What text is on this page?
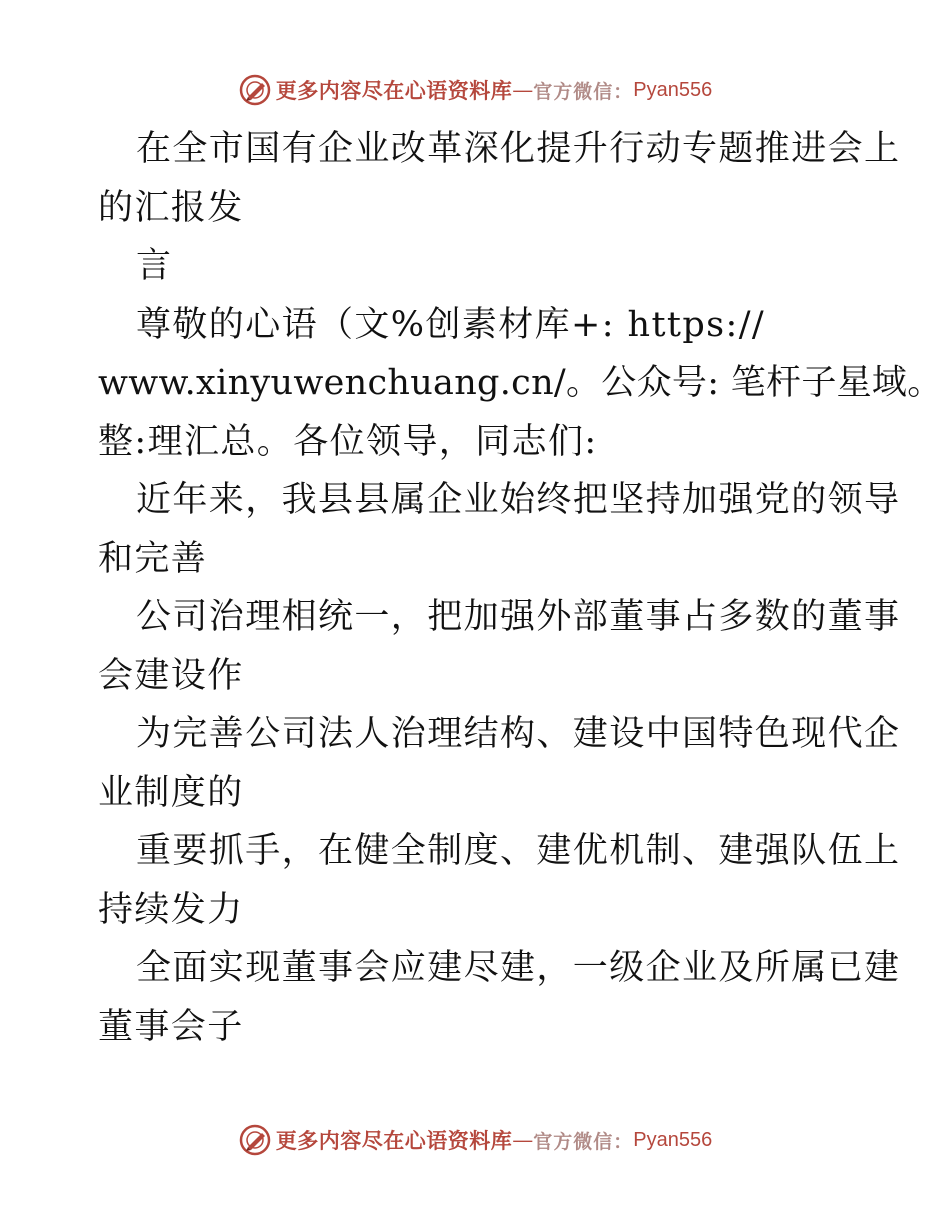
更多内容尽在心语资料库 — 官方微信： Pyan556
在全市国有企业改革深化提升行动专题推进会上
的汇报发
言
尊敬的心语（文%创素材库+: https://
www.xinyuwenchuang.cn/。公众号: 笔杆子星域。
整:理汇总。各位领导，同志们:
近年来，我县县属企业始终把坚持加强党的领导
和完善
公司治理相统一，把加强外部董事占多数的董事
会建设作
为完善公司法人治理结构、建设中国特色现代企
业制度的
重要抓手，在健全制度、建优机制、建强队伍上
持续发力
全面实现董事会应建尽建，一级企业及所属已建
董事会子
更多内容尽在心语资料库 — 官方微信： Pyan556
